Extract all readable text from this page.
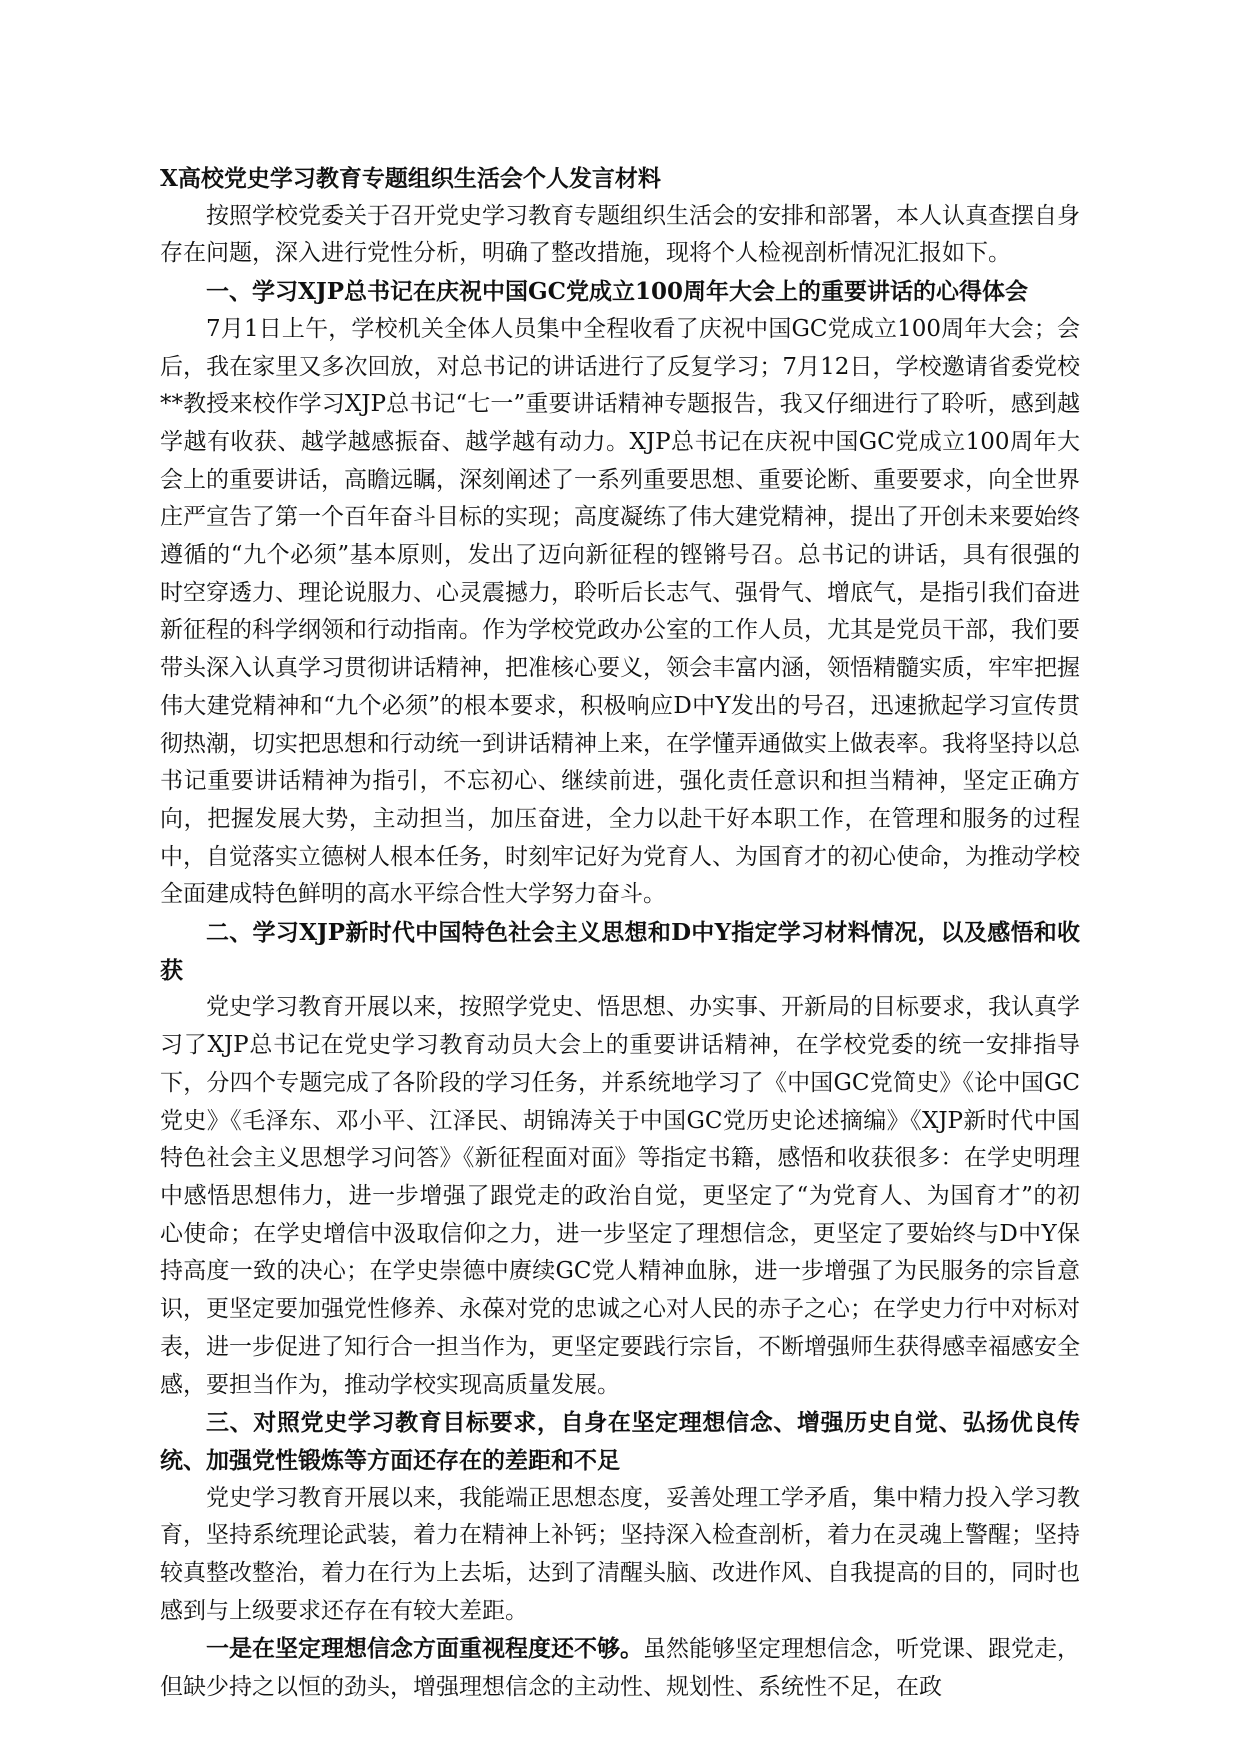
X高校党史学习教育专题组织生活会个人发言材料

按照学校党委关于召开党史学习教育专题组织生活会的安排和部署，本人认真查摆自身存在问题，深入进行党性分析，明确了整改措施，现将个人检视剖析情况汇报如下。

一、学习XJP总书记在庆祝中国GC党成立100周年大会上的重要讲话的心得体会

7月1日上午，学校机关全体人员集中全程收看了庆祝中国GC党成立100周年大会；会后，我在家里又多次回放，对总书记的讲话进行了反复学习；7月12日，学校邀请省委党校**教授来校作学习XJP总书记“七一”重要讲话精神专题报告，我又仔细进行了聆听，感到越学越有收获、越学越感振奋、越学越有动力。XJP总书记在庆祝中国GC党成立100周年大会上的重要讲话，高瞻远瞩，深刻阐述了一系列重要思想、重要论断、重要要求，向全世界庄严宣告了第一个百年奋斗目标的实现；高度凝练了伟大建党精神，提出了开创未来要始终遵循的“九个必须”基本原则，发出了迈向新征程的铿锵号召。总书记的讲话，具有很强的时空穿透力、理论说服力、心灵震撼力，聆听后长志气、强骨气、增底气，是指引我们奋进新征程的科学纲领和行动指南。作为学校党政办公室的工作人员，尤其是党员干部，我们要带头深入认真学习贯彻讲话精神，把准核心要义，领会丰富内涵，领悟精髓实质，牢牢把握伟大建党精神和“九个必须”的根本要求，积极响应D中Y发出的号召，迅速掀起学习宣传贯彻热潮，切实把思想和行动统一到讲话精神上来，在学懂弄通做实上做表率。我将坚持以总书记重要讲话精神为指引，不忘初心、继续前进，强化责任意识和担当精神，坚定正确方向，把握发展大势，主动担当，加压奋进，全力以赴干好本职工作，在管理和服务的过程中，自觉落实立德树人根本任务，时刻牢记好为党育人、为国育才的初心使命，为推动学校全面建成特色鲜明的高水平综合性大学努力奋斗。

二、学习XJP新时代中国特色社会主义思想和D中Y指定学习材料情况，以及感悟和收获

党史学习教育开展以来，按照学党史、悟思想、办实事、开新局的目标要求，我认真学习了XJP总书记在党史学习教育动员大会上的重要讲话精神，在学校党委的统一安排指导下，分四个专题完成了各阶段的学习任务，并系统地学习了《中国GC党简史》《论中国GC党史》《毛泽东、邓小平、江泽民、胡锦涛关于中国GC党历史论述摘编》《XJP新时代中国特色社会主义思想学习问答》《新征程面对面》等指定书籍，感悟和收获很多：在学史明理中感悟思想伟力，进一步增强了跟党走的政治自觉，更坚定了“为党育人、为国育才”的初心使命；在学史增信中汲取信仰之力，进一步坚定了理想信念，更坚定了要始终与D中Y保持高度一致的决心；在学史崇德中赓续GC党人精神血脉，进一步增强了为民服务的宗旨意识，更坚定要加强党性修养、永葆对党的忠诚之心对人民的赤子之心；在学史力行中对标对表，进一步促进了知行合一担当作为，更坚定要践行宗旨，不断增强师生获得感幸福感安全感，要担当作为，推动学校实现高质量发展。

三、对照党史学习教育目标要求，自身在坚定理想信念、增强历史自觉、弘扬优良传统、加强党性锻炼等方面还存在的差距和不足

党史学习教育开展以来，我能端正思想态度，妥善处理工学矛盾，集中精力投入学习教育，坚持系统理论武装，着力在精神上补钙；坚持深入检查剖析，着力在灵魂上警醒；坚持较真整改整治，着力在行为上去垢，达到了清醒头脑、改进作风、自我提高的目的，同时也感到与上级要求还存在有较大差距。

一是在坚定理想信念方面重视程度还不够。虽然能够坚定理想信念，听党课、跟党走，但缺少持之以恒的劲头，增强理想信念的主动性、规划性、系统性不足，在政
